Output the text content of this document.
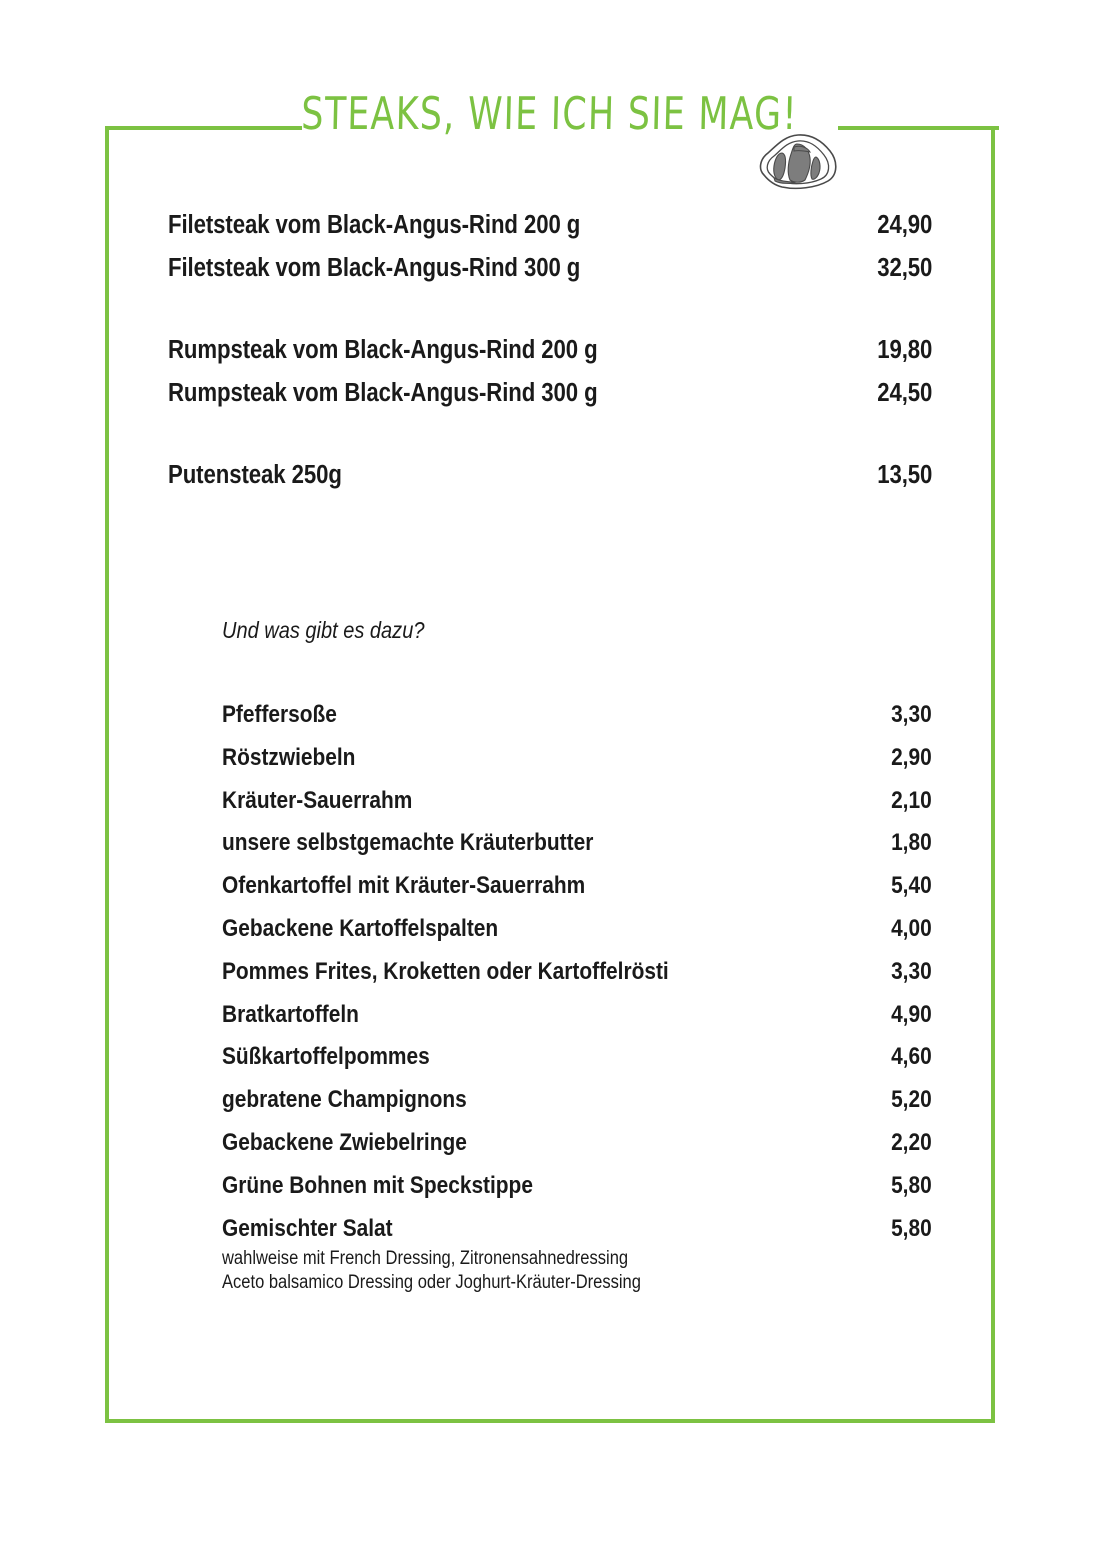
STEAKS, WIE ICH SIE MAG!
Filetsteak vom Black-Angus-Rind 200 g	24,90
Filetsteak vom Black-Angus-Rind 300 g	32,50
Rumpsteak vom Black-Angus-Rind 200 g	19,80
Rumpsteak vom Black-Angus-Rind 300 g	24,50
Putensteak 250g	13,50
Und was gibt es dazu?
Pfeffersoße	3,30
Röstzwiebeln	2,90
Kräuter-Sauerrahm	2,10
unsere selbstgemachte Kräuterbutter	1,80
Ofenkartoffel mit Kräuter-Sauerrahm	5,40
Gebackene Kartoffelspalten	4,00
Pommes Frites, Kroketten oder Kartoffelrösti	3,30
Bratkartoffeln	4,90
Süßkartoffelpommes	4,60
gebratene Champignons	5,20
Gebackene Zwiebelringe	2,20
Grüne Bohnen mit Speckstippe	5,80
Gemischter Salat	5,80
wahlweise mit French Dressing, Zitronensahnedressing
Aceto balsamico Dressing oder Joghurt-Kräuter-Dressing
